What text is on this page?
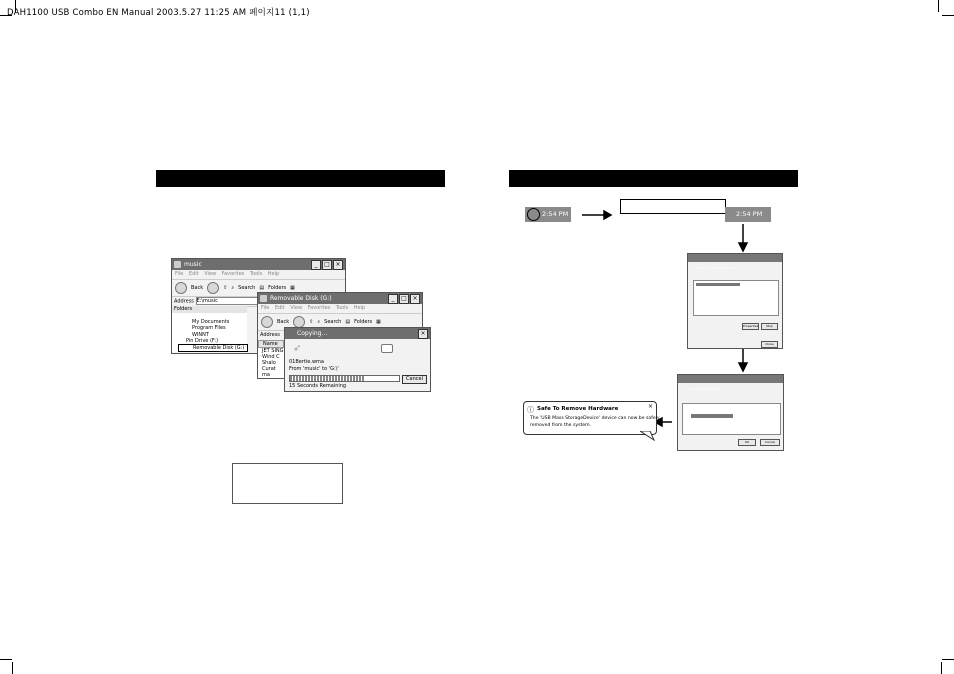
DAH1100 USB Combo EN Manual 2003.5.27 11:25 AM 페이지11 (1,1)
music	_	□ ×
File Edit View Favorites Tools Help
Back	⇧ ⌕ Search ▤ Folders ▦
Address E:\music
Folders
My Documents
Program Files
WINNT
Pin Drive (F:)
Removable Disk (G:)
Removable Disk (G:)	_	□ ×
File Edit View Favorites Tools Help
Back	⇧ ⌕ Search ▤ Folders ▦
Address
Name
JET SING
Wind C
Shalo
Curat
ma
Copying...	×
➶
01Bertie.wma
From 'music' to 'G:\'
Cancel
15 Seconds Remaining
2:54 PM	2:54 PM
Unplug or Eject Hardware
Properties	Stop
Close
Stop a Hardware device
OK	Cancel
ⓘ Safe To Remove Hardware	×
The 'USB Mass StorageDevice' device can now be safely
removed from the system.
